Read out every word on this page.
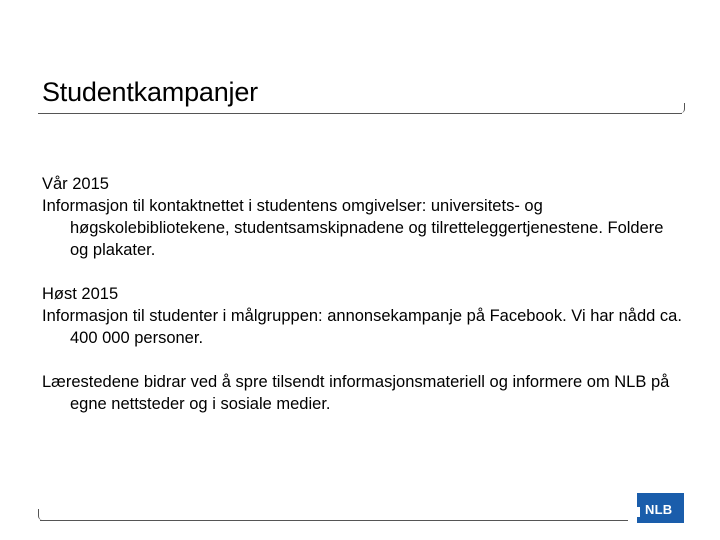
Studentkampanjer

Vår 2015

Informasjon til kontaktnettet i studentens omgivelser: universitets- og høgskolebibliotekene, studentsamskipnadene og tilretteleggertjenestene. Foldere og plakater.

Høst 2015

Informasjon til studenter i målgruppen: annonsekampanje på Facebook. Vi har nådd ca. 400 000 personer.

Lærestedene bidrar ved å spre tilsendt informasjonsmateriell og informere om NLB på egne nettsteder og i sosiale medier.

NLB
